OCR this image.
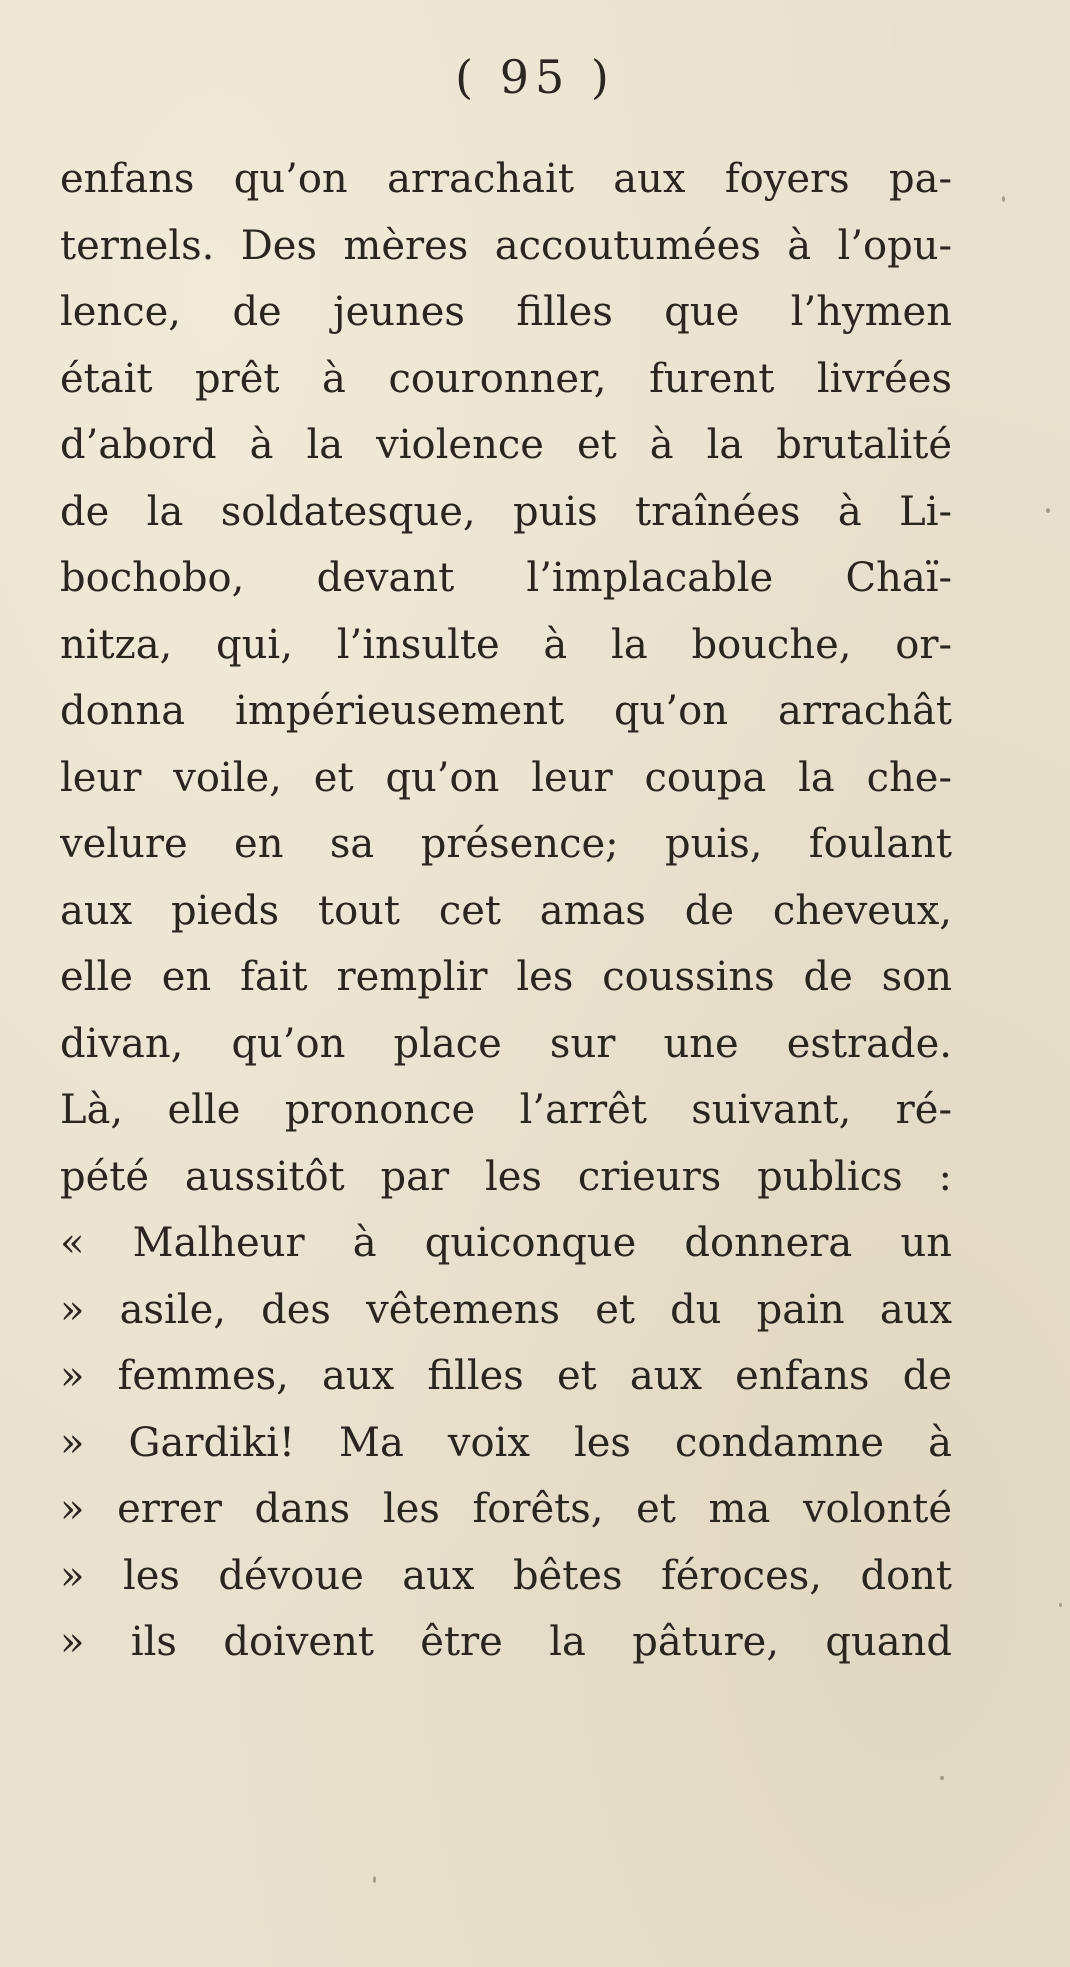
( 95 )
enfans qu’on arrachait aux foyers pa-
ternels. Des mères accoutumées à l’opu-
lence, de jeunes filles que l’hymen
était prêt à couronner, furent livrées
d’abord à la violence et à la brutalité
de la soldatesque, puis traînées à Li-
bochobo, devant l’implacable Chaï-
nitza, qui, l’insulte à la bouche, or-
donna impérieusement qu’on arrachât
leur voile, et qu’on leur coupa la che-
velure en sa présence; puis, foulant
aux pieds tout cet amas de cheveux,
elle en fait remplir les coussins de son
divan, qu’on place sur une estrade.
Là, elle prononce l’arrêt suivant, ré-
pété aussitôt par les crieurs publics :
« Malheur à quiconque donnera un
» asile, des vêtemens et du pain aux
» femmes, aux filles et aux enfans de
» Gardiki! Ma voix les condamne à
» errer dans les forêts, et ma volonté
» les dévoue aux bêtes féroces, dont
» ils doivent être la pâture, quand
